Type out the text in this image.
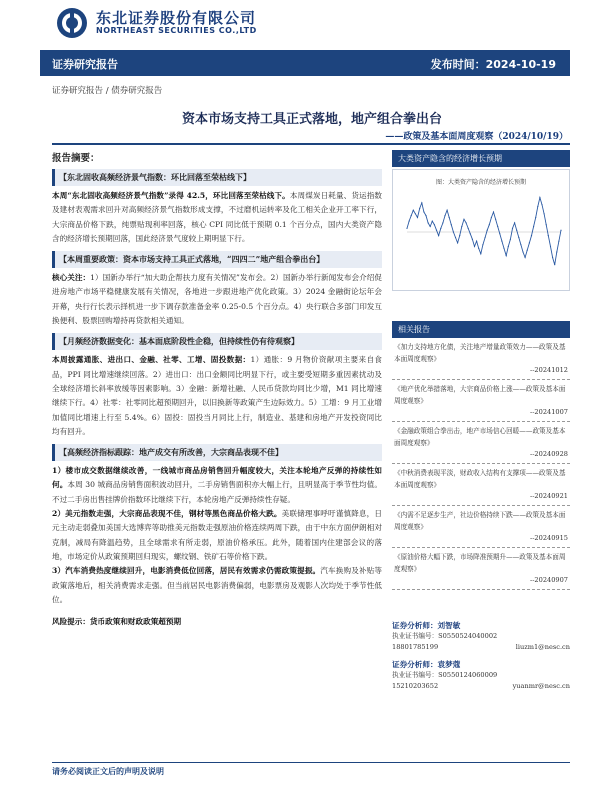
东北证券股份有限公司
NORTHEAST SECURITIES CO.,LTD
证券研究报告	发布时间：2024-10-19
证券研究报告 / 债券研究报告
资本市场支持工具正式落地，地产组合拳出台
——政策及基本面周度观察（2024/10/19）
报告摘要：
【东北固收高频经济景气指数：环比回落至荣枯线下】
本周“东北固收高频经济景气指数”录得 42.5，环比回落至荣枯线下。本周煤炭日耗量、货运指数及建材表观需求回升对高频经济景气指数形成支撑，不过磨机运转率及化工相关企业开工率下行，大宗商品价格下跌，纯票贴现利率回落，核心 CPI 同比低于预期 0.1 个百分点，国内大类资产隐含的经济增长预期回落，国此经济景气度较上期明显下行。
【本周重要政策：资本市场支持工具正式落地，“四四二”地产组合拳出台】
核心关注：1）国新办举行“加大助企帮扶力度有关情况”发布会。2）国新办举行新闻发布会介绍促进房地产市场平稳健康发展有关情况，各地进一步跟进地产优化政策。3）2024 金融街论坛年会开幕，央行行长表示择机进一步下调存款准备金率 0.25-0.5 个百分点。4）央行联合多部门印发互换便利、股票回购增持再贷款相关通知。
【月频经济数据变化：基本面底阶段性企稳，但持续性仍有待观察】
本周披露通胀、进出口、金融、社零、工增、固投数据：1）通胀：9 月物价资献项主要来自食品，PPI 同比增速继续回落。2）进出口：出口金额同比明显下行，或主要受短期多重因素扰动及全球经济增长斜率放缓等因素影响。3）金融：新增社融、人民币贷款均同比少增，M1 同比增速继续下行。4）社零：社零同比超预期回升，以旧换新等政策产生边际效力。5）工增：9 月工业增加值同比增速上行至 5.4%。6）固投：固投当月同比上行，制造业、基建和房地产开发投资同比均有回升。
【高频经济指标跟踪：地产成交有所改善，大宗商品表现不佳】
1）楼市成交数据继续改善，一线城市商品房销售回升幅度较大，关注本轮地产反弹的持续性如何。本周 30 城商品房销售面积波动回升，二手房销售面积亦大幅上行，且明显高于季节性均值。不过二手房出售挂牌价指数环比继续下行，本轮房地产反弹持续性存疑。
2）美元指数走强，大宗商品表现不佳，钢材等黑色商品价格大跌。美联储理事呼吁谨慎降息，日元主动走弱叠加美国大选博弈等助推美元指数走强原油价格连续两周下跌，由于中东方面伊朗相对克制，减局有降温趋势，且全球需求有所走弱，原油价格承压。此外，随着国内住建部会议的落地，市场定价从政策预期回归现实，螺纹钢、铁矿石等价格下跌。
3）汽车消费热度继续回升，电影消费低位回落，居民有效需求仍需政策提振。汽车换购及补贴等政策落地后，相关消费需求走强。但当前居民电影消费偏弱，电影票房及观影人次均处于季节性低位。
风险提示：货币政策和财政政策超预期
大类资产隐含的经济增长预期
图：大类资产隐含的经济增长预期
相关报告
《加力支持地方化债，关注地产增量政策效力——政策及基本面周度观察》
--20241012
《地产优化举措落地，大宗商品价格上涨——政策及基本面周度观察》
--20241007
《金融政策组合拳出击，地产市场信心回暖——政策及基本面周度观察》
--20240928
《中秋消费表现平淡，财政收入结构有支撑项——政策及基本面周度观察》
--20240921
《内需不足逐步生产，社边价格持续下跌——政策及基本面周度观察》
--20240915
《原油价格大幅下跌，市场降准预期升——政策及基本面周度观察》
--20240907
证券分析师：刘智敏
执业证书编号：S0550524040002
18801785199	liuzm1@nesc.cn
证券分析师：袁梦蔻
执业证书编号：S0550124060009
15210203652	yuanmr@nesc.cn
请务必阅读正文后的声明及说明
